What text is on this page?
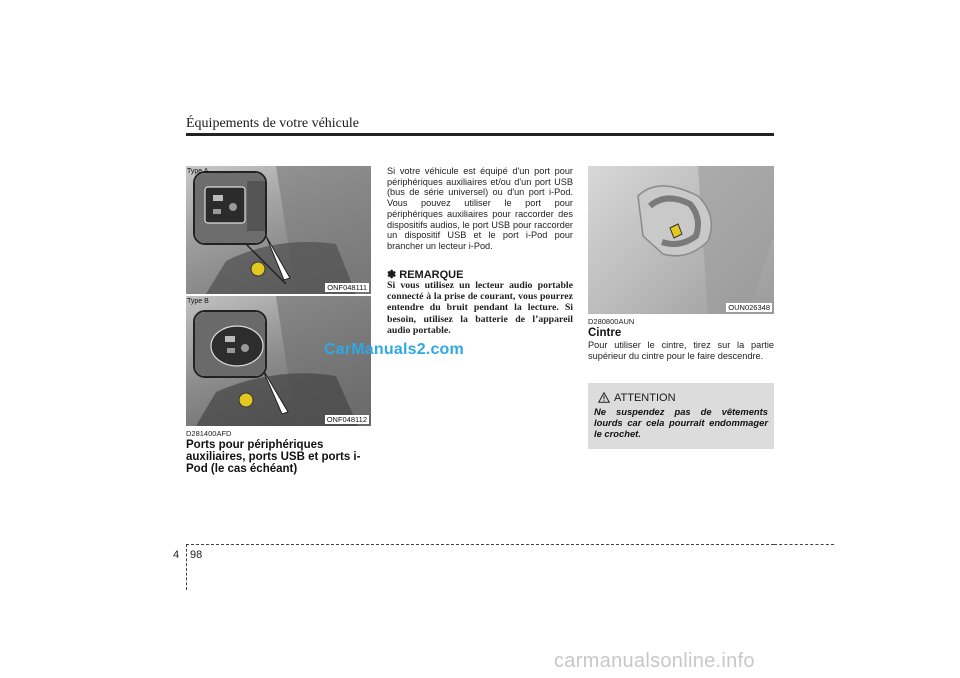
Équipements de votre véhicule
Type A
ONF048111
Type B
ONF048112
CarManuals2.com
D281400AFD
Ports pour périphériques auxiliaires, ports USB et ports i-Pod (le cas échéant)
Si votre véhicule est équipé d'un port pour périphériques auxiliaires et/ou d'un port USB (bus de série universel) ou d'un port i-Pod. Vous pouvez utiliser le port pour périphériques auxiliaires pour raccorder des dispositifs audios, le port USB pour raccorder un dispositif USB et le port i-Pod pour brancher un lecteur i-Pod.
✽ REMARQUE
Si vous utilisez un lecteur audio portable connecté à la prise de courant, vous pourrez entendre du bruit pendant la lecture. Si besoin, utilisez la batterie de l’appareil audio portable.
OUN026348
D280800AUN
Cintre
Pour utiliser le cintre, tirez sur la partie supérieur du cintre pour le faire descendre.
ATTENTION
Ne suspendez pas de vêtements lourds car cela pourrait endommager le crochet.
4 98
carmanualsonline.info
